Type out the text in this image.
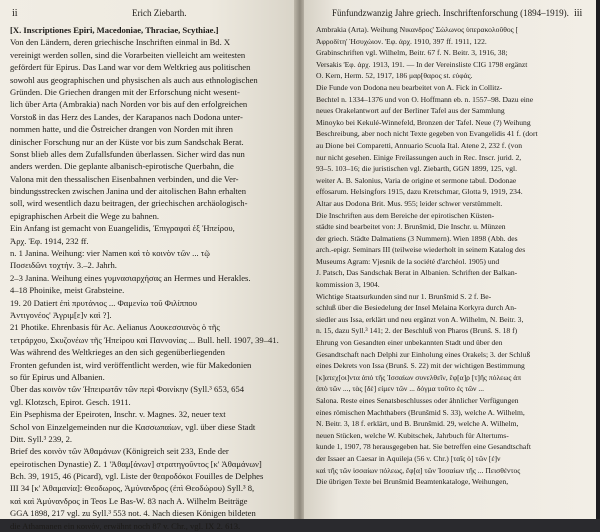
ii	Erich Ziebarth.
[X. Inscriptiones Epiri, Macedoniae, Thraciae, Scythiae.]
Von den Ländern, deren griechische Inschriften einmal in Bd. X
vereinigt werden sollen, sind die Vorarbeiten vielleicht am weitesten
gefördert für Epirus. Das Land war vor dem Weltkrieg aus politischen
sowohl aus geographischen und physischen als auch aus ethnologischen
Gründen. Die Griechen drangen mit der Erforschung nicht wesent-
lich über Arta (Ambrakia) nach Norden vor bis auf den erfolgreichen
Vorstoß in das Herz des Landes, der Karapanos nach Dodona unter-
nommen hatte, und die Östreicher drangen von Norden mit ihren
dinischer Forschung nur an der Küste vor bis zum Sandschak Berat.
Sonst blieb alles dem Zufallsfunden überlassen. Sicher wird das nun
anders werden. Die geplante albanisch-epirotische Querbahn, die
Valona mit den thessalischen Eisenbahnen verbinden, und die Ver-
bindungsstrecken zwischen Janina und der aitolischen Bahn erhalten
soll, wird wesentlich dazu beitragen, der griechischen archäologisch-
epigraphischen Arbeit die Wege zu bahnen.
Ein Anfang ist gemacht von Euangelidis, Ἐπιγραφαὶ ἐξ Ἠπείρου,
Ἀρχ. Ἐφ. 1914, 232 ff.
n. 1 Janina. Weihung: vier Namen καὶ τὸ κοινὸν τῶν ... τῷ
Ποσειδῶνι τοχτήν. 3.–2. Jahrh.
2–3 Janina. Weihung eines γυμνασιαρχήσας an Hermes und Herakles.
4–18 Phoinike, meist Grabsteine.
19. 20 Datiert ἐπὶ πρυτάνιος ... Φαμενίω τοῦ Φιλίππου
Ἀντιγονέος' Ἀγριμ[ε]ν καὶ ?].
21 Photike. Ehrenbasis für Ac. Aelianus Λουκεσσιανὸς ὁ τῆς
τετράρχου, Σκυζονέων τῆς Ἠπείρου καὶ Παννονίας ... Bull. hell. 1907, 39–41.
Was während des Weltkrieges an den sich gegenüberliegenden
Fronten gefunden ist, wird veröffentlicht werden, wie für Makedonien
so für Epirus und Albanien.
Über das κοινὸν τῶν Ἠπειρωτᾶν τῶν περὶ Φοινίκην (Syll.³ 653, 654
vgl. Klotzsch, Epirot. Gesch. 1911.
Ein Psephisma der Epeiroten, Inschr. v. Magnes. 32, neuer text
Schol von Einzelgemeinden nur die Κασσωπαίων, vgl. über diese Stadt
Ditt. Syll.³ 239, 2.
Brief des κοινὸν τῶν Ἀθαμάνων (Königreich seit 233, Ende der
epeirotischen Dynastie) Z. 1 'Ἀθαμ[άνων] στρατηγοῦντος [κ' Ἀθαμάνων]
Bch. 39, 1915, 46 (Picard), vgl. Liste der θεαροδόκοι Fouilles de Delphes
III 34 [κ' Ἀθαμανία]: Θεοδωρος, Ἀμύνανδρος (ἐπὶ Θεοδώρου) Syll.³ 8,
καὶ καὶ Ἀμύνανδρος in Teos Le Bas-W. 83 nach A. Wilhelm Beiträge
GGA 1898, 217 vgl. zu Syll.³ 553 not. 4. Nach diesen Königen bildeten
die Athamanen ein κοινόν, erwähnt noch 87 v. Chr., vgl. IX 2. 613.
Fünfundzwanzig Jahre griech. Inschriftenforschung (1894–1919). iii
Ambrakia (Arta). Weihung Νικανδρος' Σώλωνος ὑπερακολοῦθος [
Ἀφροδίτη' Ἡσυχώιον. Ἐφ. ἀρχ. 1910, 397 ff. 1911, 122.
Grabinschriften vgl. Wilhelm, Beitr. 67 f. N. Beitr. 3, 1916, 38;
Versakis Ἐφ. ἀρχ. 1913, 191. — In der Vereinsliste CIG 1798 ergänzt
O. Kern, Herm. 52, 1917, 186 μαρ[θαρος st. εὐφάς.
Die Funde von Dodona neu bearbeitet von A. Fick in Collitz-
Bechtel n. 1334–1376 und von O. Hoffmann eb. n. 1557–98. Dazu eine
neues Orakelantwort auf der Berliner Tafel aus der Sammlung
Minoyko bei Kekulé-Winnefeld, Bronzen der Tafel. Neue (?) Weihung
Beschreibung, aber noch nicht Texte gegeben von Evangelidis 41 f. (dort
au Dione bei Comparetti, Annuario Scuola Ital. Atene 2, 232 f. (von
nur nicht gesehen. Einige Freilassungen auch in Rec. Inscr. jurid. 2,
93–5. 103–16; die juristischen vgl. Ziebarth, GGN 1899, 125, vgl.
weiter A. B. Salonius, Varia de origine et sermone tabul. Dodonae
effosarum. Helsingfors 1915, dazu Kretschmar, Glotta 9, 1919, 234.
Altar aus Dodona Brit. Mus. 955; leider schwer verstümmelt.
Die Inschriften aus dem Bereiche der epirotischen Küsten-
städte sind bearbeitet von: J. Brunšmid, Die Inschr. u. Münzen
der griech. Städte Dalmatiens (3 Nummern). Wien 1898 (Abh. des
arch.-epigr. Seminars III (teilweise wiederholt in seinem Katalog des
Museums Agram: Vjesnik de la société d'archéol. 1905) und
J. Patsch, Das Sandschak Berat in Albanien. Schriften der Balkan-
kommission 3, 1904.
Wichtige Staatsurkunden sind nur 1. Brunšmid S. 2 f. Be-
schluß über die Besiedelung der Insel Melaina Korkyra durch An-
siedler aus Issa, erklärt und neu ergänzt von A. Wilhelm, N. Beitr. 3,
n. 15, dazu Syll.³ 141; 2. der Beschluß von Pharos (Brunš. S. 18 f)
Ehrung von Gesandten einer unbekannten Stadt und über den
Gesandtschaft nach Delphi zur Einholung eines Orakels; 3. der Schluß
eines Dekrets von Issa (Brunš. S. 22) mit der wichtigen Bestimmung
[κ]ατεχ[οι]ντα ἀπό τῆς Ἰσσαίων συνελθεῖν, ἔφ[α]ρ [τ]ῆς πόλεως ἀπ
ἀπὸ τῶν ..., τὰς [δὲ] εἰμεν τῶν ... δόγμα τοῦτο ἐς τῶν ...
Salona. Reste eines Senatsbeschlusses oder ähnlicher Verfügungen
eines römischen Machthabers (Brunšmid S. 33), welche A. Wilhelm,
N. Beitr. 3, 18 f. erklärt, und B. Brunšmid. 29, welche A. Wilhelm,
neuen Stücken, welche W. Kubitschek, Jahrbuch für Altertums-
kunde 1, 1907, 78 herausgegeben hat. Sie betreffen eine Gesandtschaft
der Issaer an Caesar in Aquileja (56 v. Chr.) [ταῖς ὁ] τῶν [ἐ]ν
καὶ τῆς τῶν ἱσσαίων πόλεως, ἔφ[α] τῶν Ἰσσαίων τῆς ... Πεισθέντος
Die übrigen Texte bei Brunšmid Beamtenkataloge, Weihungen,
